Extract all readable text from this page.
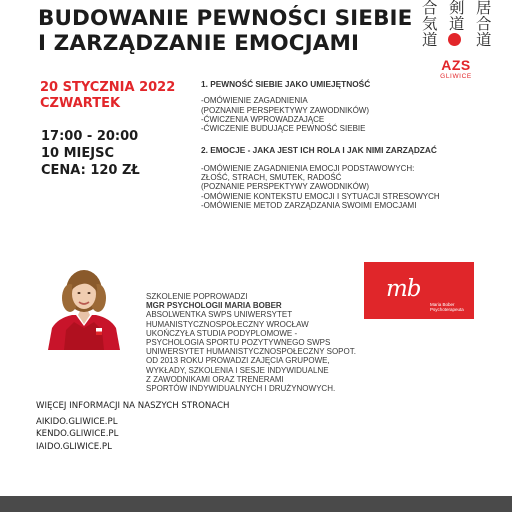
BUDOWANIE PEWNOŚCI SIEBIE
I ZARZĄDZANIE EMOCJAMI
居
合
道
剣
道
合
気
道
AZS
GLIWICE
20 STYCZNIA 2022
CZWARTEK
17:00 - 20:00
10 MIEJSC
CENA: 120 ZŁ

1. PEWNOŚĆ SIEBIE JAKO UMIEJĘTNOŚĆ

-OMÓWIENIE ZAGADNIENIA
(POZNANIE PERSPEKTYWY ZAWODNIKÓW)
-ĆWICZENIA WPROWADZAJĄCE
-ĆWICZENIE BUDUJĄCE PEWNOŚĆ SIEBIE

2. EMOCJE - JAKA JEST ICH ROLA I JAK NIMI ZARZĄDZAĆ

-OMÓWIENIE ZAGADNIENIA EMOCJI PODSTAWOWYCH:
ZŁOŚĆ, STRACH, SMUTEK, RADOŚĆ
(POZNANIE PERSPEKTYWY ZAWODNIKÓW)
-OMÓWIENIE KONTEKSTU EMOCJI I SYTUACJI STRESOWYCH
-OMÓWIENIE METOD ZARZĄDZANIA SWOIMI EMOCJAMI
mb
Maria Bober
Psychoterapeuta

SZKOLENIE POPROWADZI

MGR PSYCHOLOGII MARIA BOBER

ABSOLWENTKA SWPS UNIWERSYTET
HUMANISTYCZNOSPOŁECZNY WROCŁAW
UKOŃCZYŁA STUDIA PODYPLOMOWE -
PSYCHOLOGIA SPORTU POZYTYWNEGO SWPS
UNIWERSYTET HUMANISTYCZNOSPOŁECZNY SOPOT.
OD 2013 ROKU PROWADZI ZAJĘCIA GRUPOWE,
WYKŁADY, SZKOLENIA I SESJE INDYWIDUALNE
Z ZAWODNIKAMI ORAZ TRENERAMI
SPORTÓW INDYWIDUALNYCH I DRUŻYNOWYCH.

WIĘCEJ INFORMACJI NA NASZYCH STRONACH

AIKIDO.GLIWICE.PL
KENDO.GLIWICE.PL
IAIDO.GLIWICE.PL
